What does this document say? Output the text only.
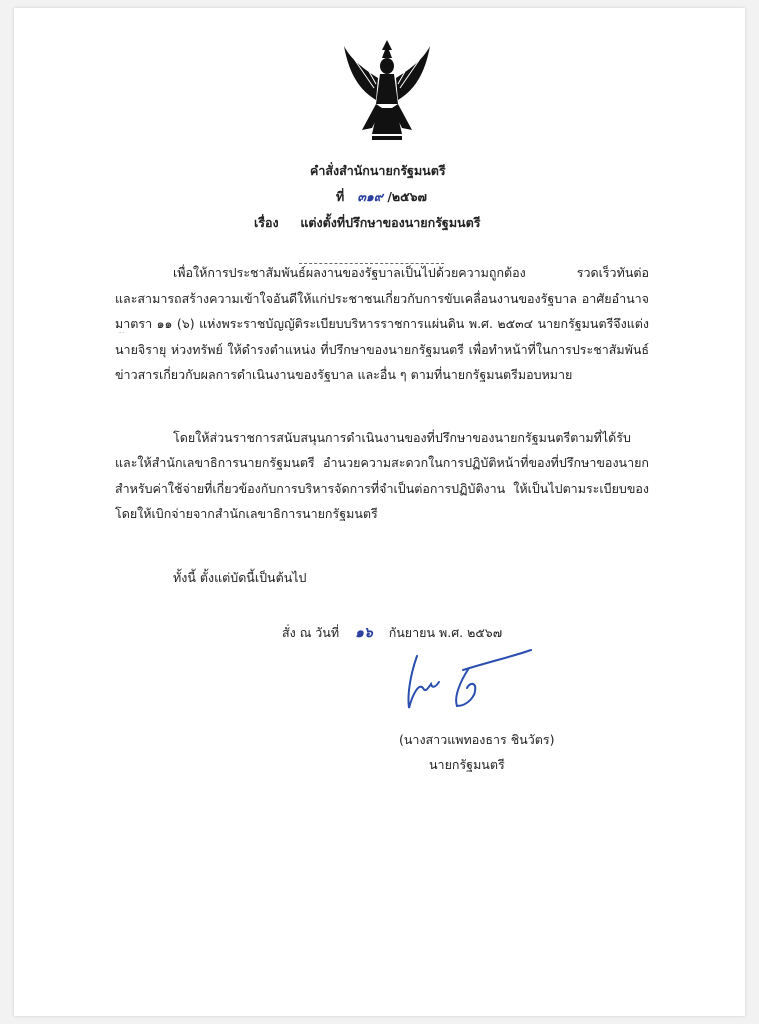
คำสั่งสำนักนายกรัฐมนตรี
ที่ ๓๑๙ /๒๕๖๗
เรื่อง แต่งตั้งที่ปรึกษาของนายกรัฐมนตรี
เพื่อให้การประชาสัมพันธ์ผลงานของรัฐบาลเป็นไปด้วยความถูกต้อง รวดเร็วทันต่อ
และสามารถสร้างความเข้าใจอันดีให้แก่ประชาชนเกี่ยวกับการขับเคลื่อนงานของรัฐบาล อาศัยอำนาจ
มาตรา ๑๑ (๖) แห่งพระราชบัญญัติระเบียบบริหารราชการแผ่นดิน พ.ศ. ๒๕๓๔ นายกรัฐมนตรีจึงแต่ง
นายจิรายุ ห่วงทรัพย์ ให้ดำรงตำแหน่ง ที่ปรึกษาของนายกรัฐมนตรี เพื่อทำหน้าที่ในการประชาสัมพันธ์
ข่าวสารเกี่ยวกับผลการดำเนินงานของรัฐบาล และอื่น ๆ ตามที่นายกรัฐมนตรีมอบหมาย
โดยให้ส่วนราชการสนับสนุนการดำเนินงานของที่ปรึกษาของนายกรัฐมนตรีตามที่ได้รับ
และให้สำนักเลขาธิการนายกรัฐมนตรี อำนวยความสะดวกในการปฏิบัติหน้าที่ของที่ปรึกษาของนายก
สำหรับค่าใช้จ่ายที่เกี่ยวข้องกับการบริหารจัดการที่จำเป็นต่อการปฏิบัติงาน ให้เป็นไปตามระเบียบของ
โดยให้เบิกจ่ายจากสำนักเลขาธิการนายกรัฐมนตรี
ทั้งนี้ ตั้งแต่บัดนี้เป็นต้นไป
สั่ง ณ วันที่ ๑๖ กันยายน พ.ศ. ๒๕๖๗
(นางสาวแพทองธาร ชินวัตร)
นายกรัฐมนตรี
